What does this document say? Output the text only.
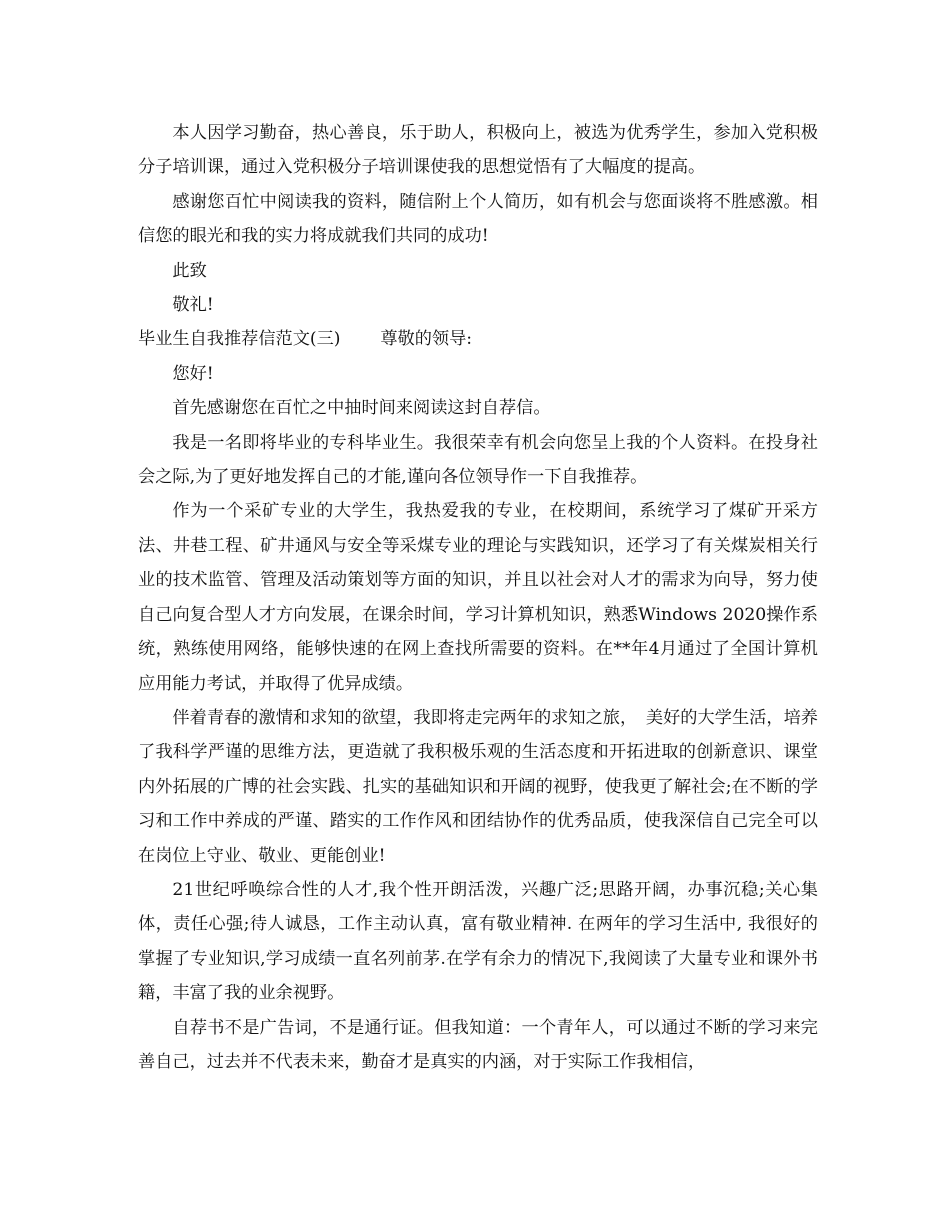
本人因学习勤奋，热心善良，乐于助人，积极向上，被选为优秀学生，参加入党积极分子培训课，通过入党积极分子培训课使我的思想觉悟有了大幅度的提高。

感谢您百忙中阅读我的资料，随信附上个人简历，如有机会与您面谈将不胜感激。相信您的眼光和我的实力将成就我们共同的成功!

此致

敬礼!

毕业生自我推荐信范文(三)　　 尊敬的领导:

您好!

首先感谢您在百忙之中抽时间来阅读这封自荐信。

我是一名即将毕业的专科毕业生。我很荣幸有机会向您呈上我的个人资料。在投身社会之际,为了更好地发挥自己的才能,谨向各位领导作一下自我推荐。

作为一个采矿专业的大学生，我热爱我的专业，在校期间，系统学习了煤矿开采方法、井巷工程、矿井通风与安全等采煤专业的理论与实践知识，还学习了有关煤炭相关行业的技术监管、管理及活动策划等方面的知识，并且以社会对人才的需求为向导，努力使自己向复合型人才方向发展，在课余时间，学习计算机知识，熟悉Windows 2020操作系统，熟练使用网络，能够快速的在网上查找所需要的资料。在**年4月通过了全国计算机应用能力考试，并取得了优异成绩。

伴着青春的激情和求知的欲望，我即将走完两年的求知之旅，　美好的大学生活，培养了我科学严谨的思维方法，更造就了我积极乐观的生活态度和开拓进取的创新意识、课堂内外拓展的广博的社会实践、扎实的基础知识和开阔的视野，使我更了解社会;在不断的学习和工作中养成的严谨、踏实的工作作风和团结协作的优秀品质，使我深信自己完全可以在岗位上守业、敬业、更能创业!

21世纪呼唤综合性的人才,我个性开朗活泼，兴趣广泛;思路开阔，办事沉稳;关心集体，责任心强;待人诚恳，工作主动认真，富有敬业精神. 在两年的学习生活中, 我很好的掌握了专业知识,学习成绩一直名列前茅.在学有余力的情况下,我阅读了大量专业和课外书籍，丰富了我的业余视野。

自荐书不是广告词，不是通行证。但我知道：一个青年人，可以通过不断的学习来完善自己，过去并不代表未来，勤奋才是真实的内涵，对于实际工作我相信，
